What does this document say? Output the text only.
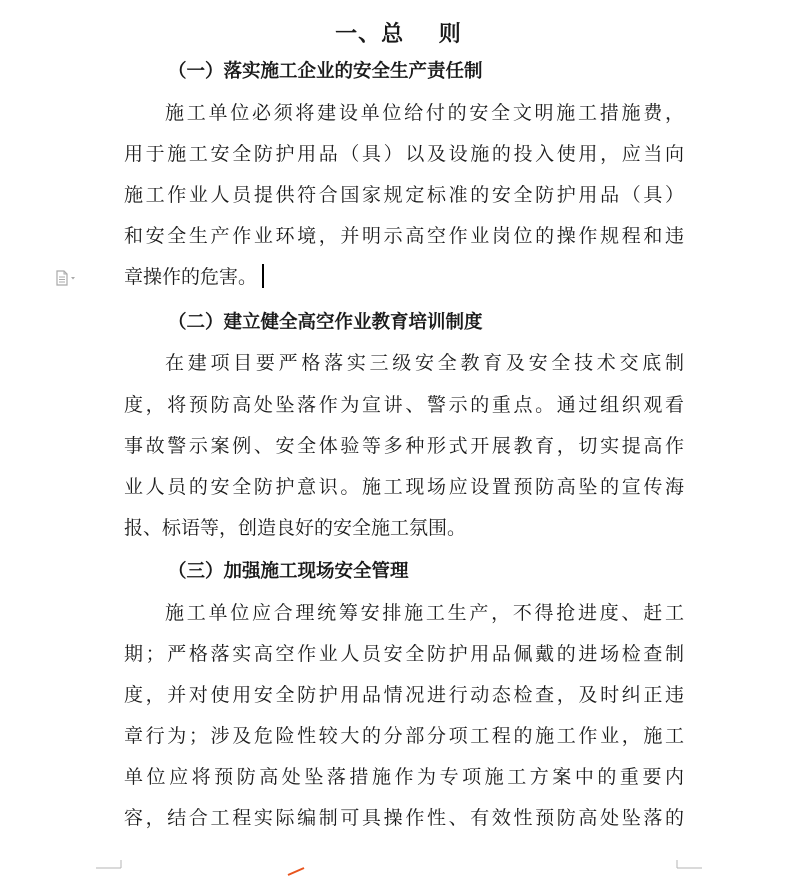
一、总    则
（一）落实施工企业的安全生产责任制
施工单位必须将建设单位给付的安全文明施工措施费，
用于施工安全防护用品（具）以及设施的投入使用，应当向
施工作业人员提供符合国家规定标准的安全防护用品（具）
和安全生产作业环境，并明示高空作业岗位的操作规程和违
章操作的危害。
（二）建立健全高空作业教育培训制度
在建项目要严格落实三级安全教育及安全技术交底制
度，将预防高处坠落作为宣讲、警示的重点。通过组织观看
事故警示案例、安全体验等多种形式开展教育，切实提高作
业人员的安全防护意识。施工现场应设置预防高坠的宣传海
报、标语等，创造良好的安全施工氛围。
（三）加强施工现场安全管理
施工单位应合理统筹安排施工生产，不得抢进度、赶工
期；严格落实高空作业人员安全防护用品佩戴的进场检查制
度，并对使用安全防护用品情况进行动态检查，及时纠正违
章行为；涉及危险性较大的分部分项工程的施工作业，施工
单位应将预防高处坠落措施作为专项施工方案中的重要内
容，结合工程实际编制可具操作性、有效性预防高处坠落的
